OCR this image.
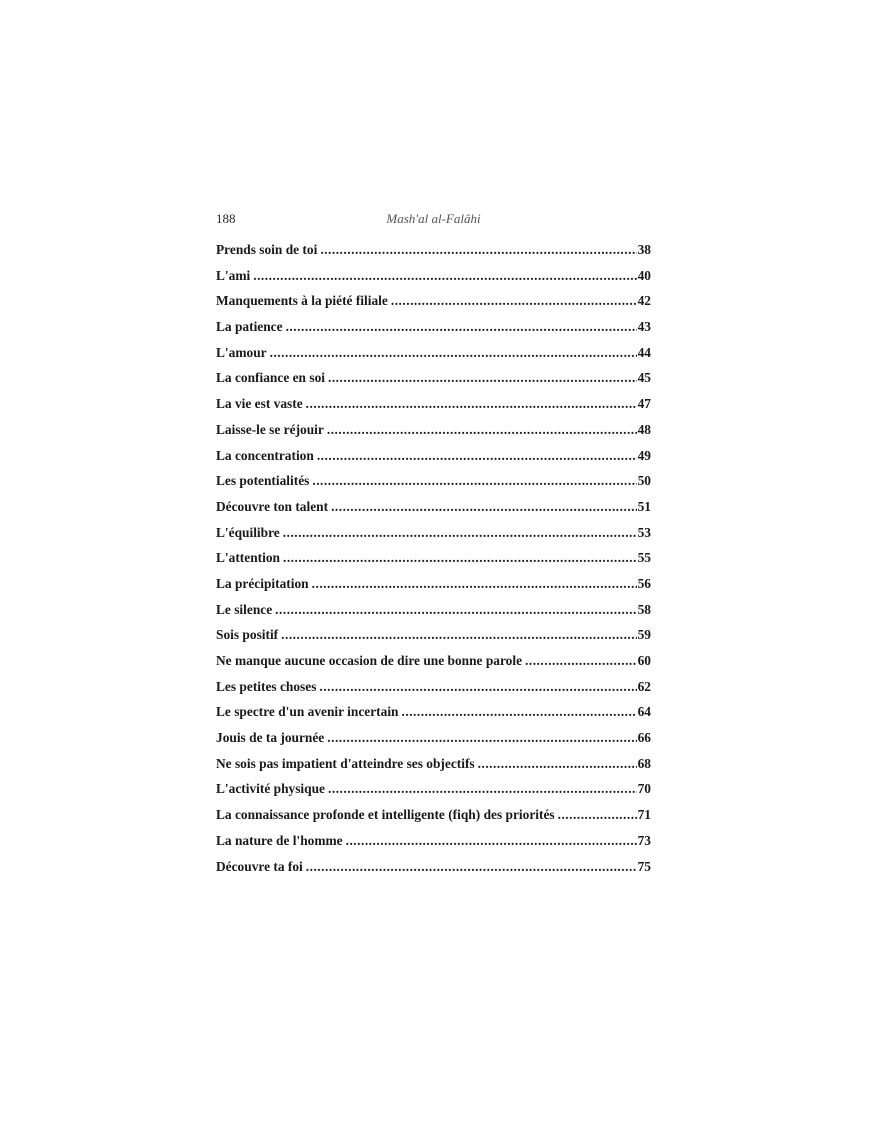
188	Mash'al al-Falâhi
Prends soin de toi .....	38
L'ami .....	40
Manquements à la piété filiale .....	42
La patience .....	43
L'amour .....	44
La confiance en soi .....	45
La vie est vaste .....	47
Laisse-le se réjouir .....	48
La concentration .....	49
Les potentialités .....	50
Découvre ton talent .....	51
L'équilibre .....	53
L'attention .....	55
La précipitation .....	56
Le silence .....	58
Sois positif .....	59
Ne manque aucune occasion de dire une bonne parole .....	60
Les petites choses .....	62
Le spectre d'un avenir incertain .....	64
Jouis de ta journée .....	66
Ne sois pas impatient d'atteindre ses objectifs .....	68
L'activité physique .....	70
La connaissance profonde et intelligente (fiqh) des priorités .....	71
La nature de l'homme .....	73
Découvre ta foi .....	75
